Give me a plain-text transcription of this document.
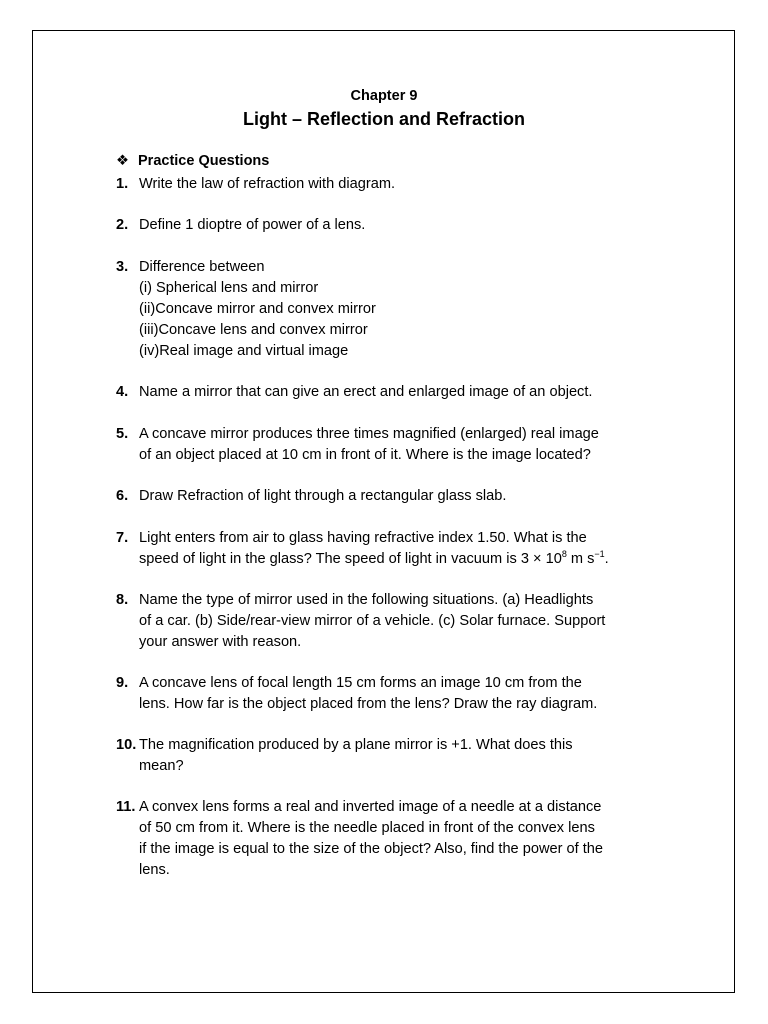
Chapter 9
Light – Reflection and Refraction
❖ Practice Questions
1. Write the law of refraction with diagram.
2. Define 1 dioptre of power of a lens.
3. Difference between
(i) Spherical lens and mirror
(ii)Concave mirror and convex mirror
(iii)Concave lens and convex mirror
(iv)Real image and virtual image
4. Name a mirror that can give an erect and enlarged image of an object.
5. A concave mirror produces three times magnified (enlarged) real image
of an object placed at 10 cm in front of it. Where is the image located?
6. Draw Refraction of light through a rectangular glass slab.
7. Light enters from air to glass having refractive index 1.50. What is the
speed of light in the glass? The speed of light in vacuum is $3 \times 10^8$ m $s^{-1}$.
8. Name the type of mirror used in the following situations. (a) Headlights
of a car. (b) Side/rear-view mirror of a vehicle. (c) Solar furnace. Support
your answer with reason.
9. A concave lens of focal length 15 cm forms an image 10 cm from the
lens. How far is the object placed from the lens? Draw the ray diagram.
10. The magnification produced by a plane mirror is +1. What does this
mean?
11. A convex lens forms a real and inverted image of a needle at a distance
of 50 cm from it. Where is the needle placed in front of the convex lens
if the image is equal to the size of the object? Also, find the power of the
lens.
